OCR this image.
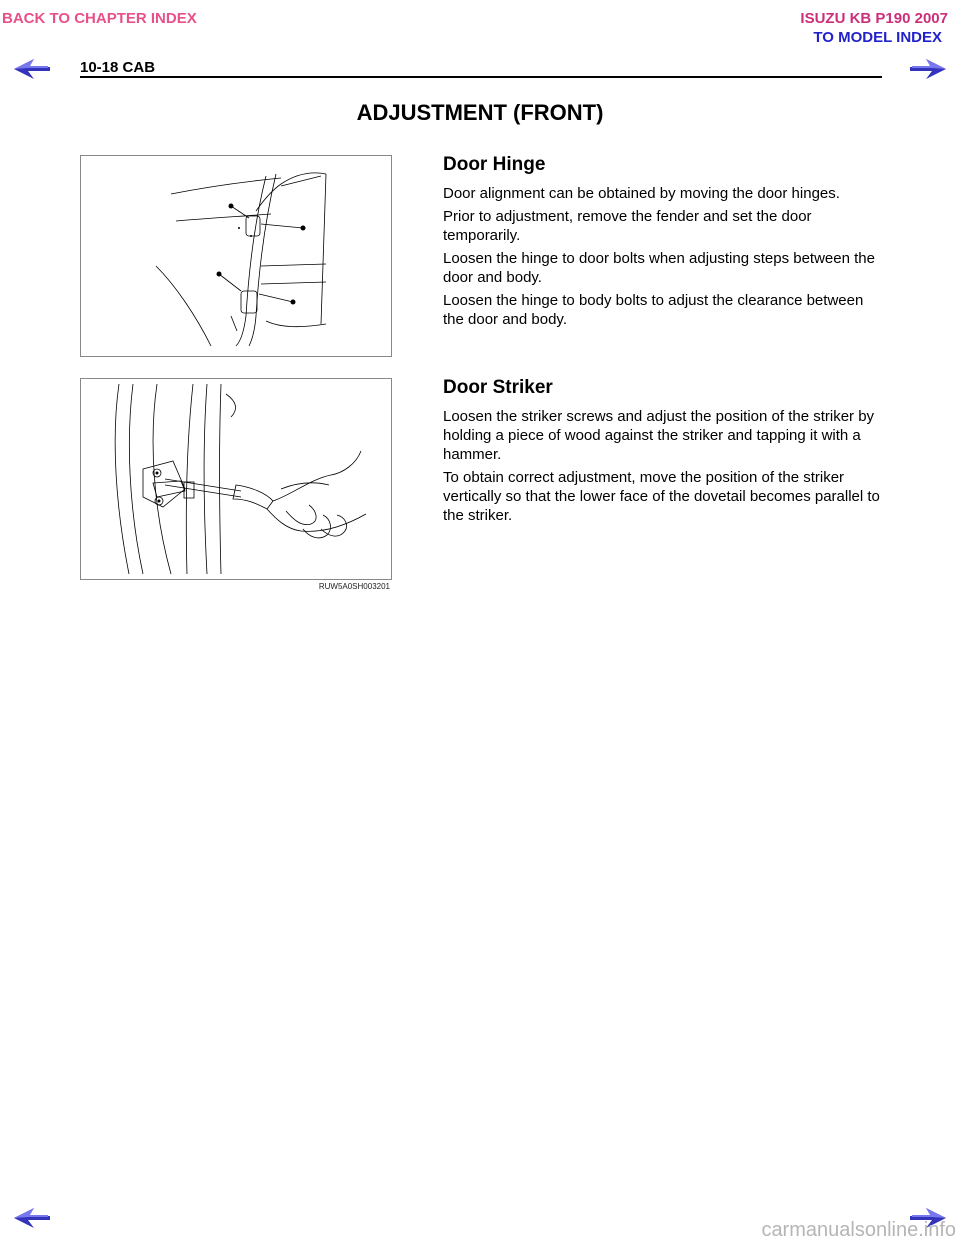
BACK TO CHAPTER INDEX	ISUZU KB P190 2007
TO MODEL INDEX
10-18 CAB
ADJUSTMENT (FRONT)
RUW5A0SH003201
Door Hinge

Door alignment can be obtained by moving the door hinges.

Prior to adjustment, remove the fender and set the door temporarily.

Loosen the hinge to door bolts when adjusting steps between the door and body.

Loosen the hinge to body bolts to adjust the clearance between the door and body.

Door Striker

Loosen the striker screws and adjust the position of the striker by holding a piece of wood against the striker and tapping it with a hammer.

To obtain correct adjustment, move the position of the striker vertically so that the lower face of the dovetail becomes parallel to the striker.

carmanualsonline.info
